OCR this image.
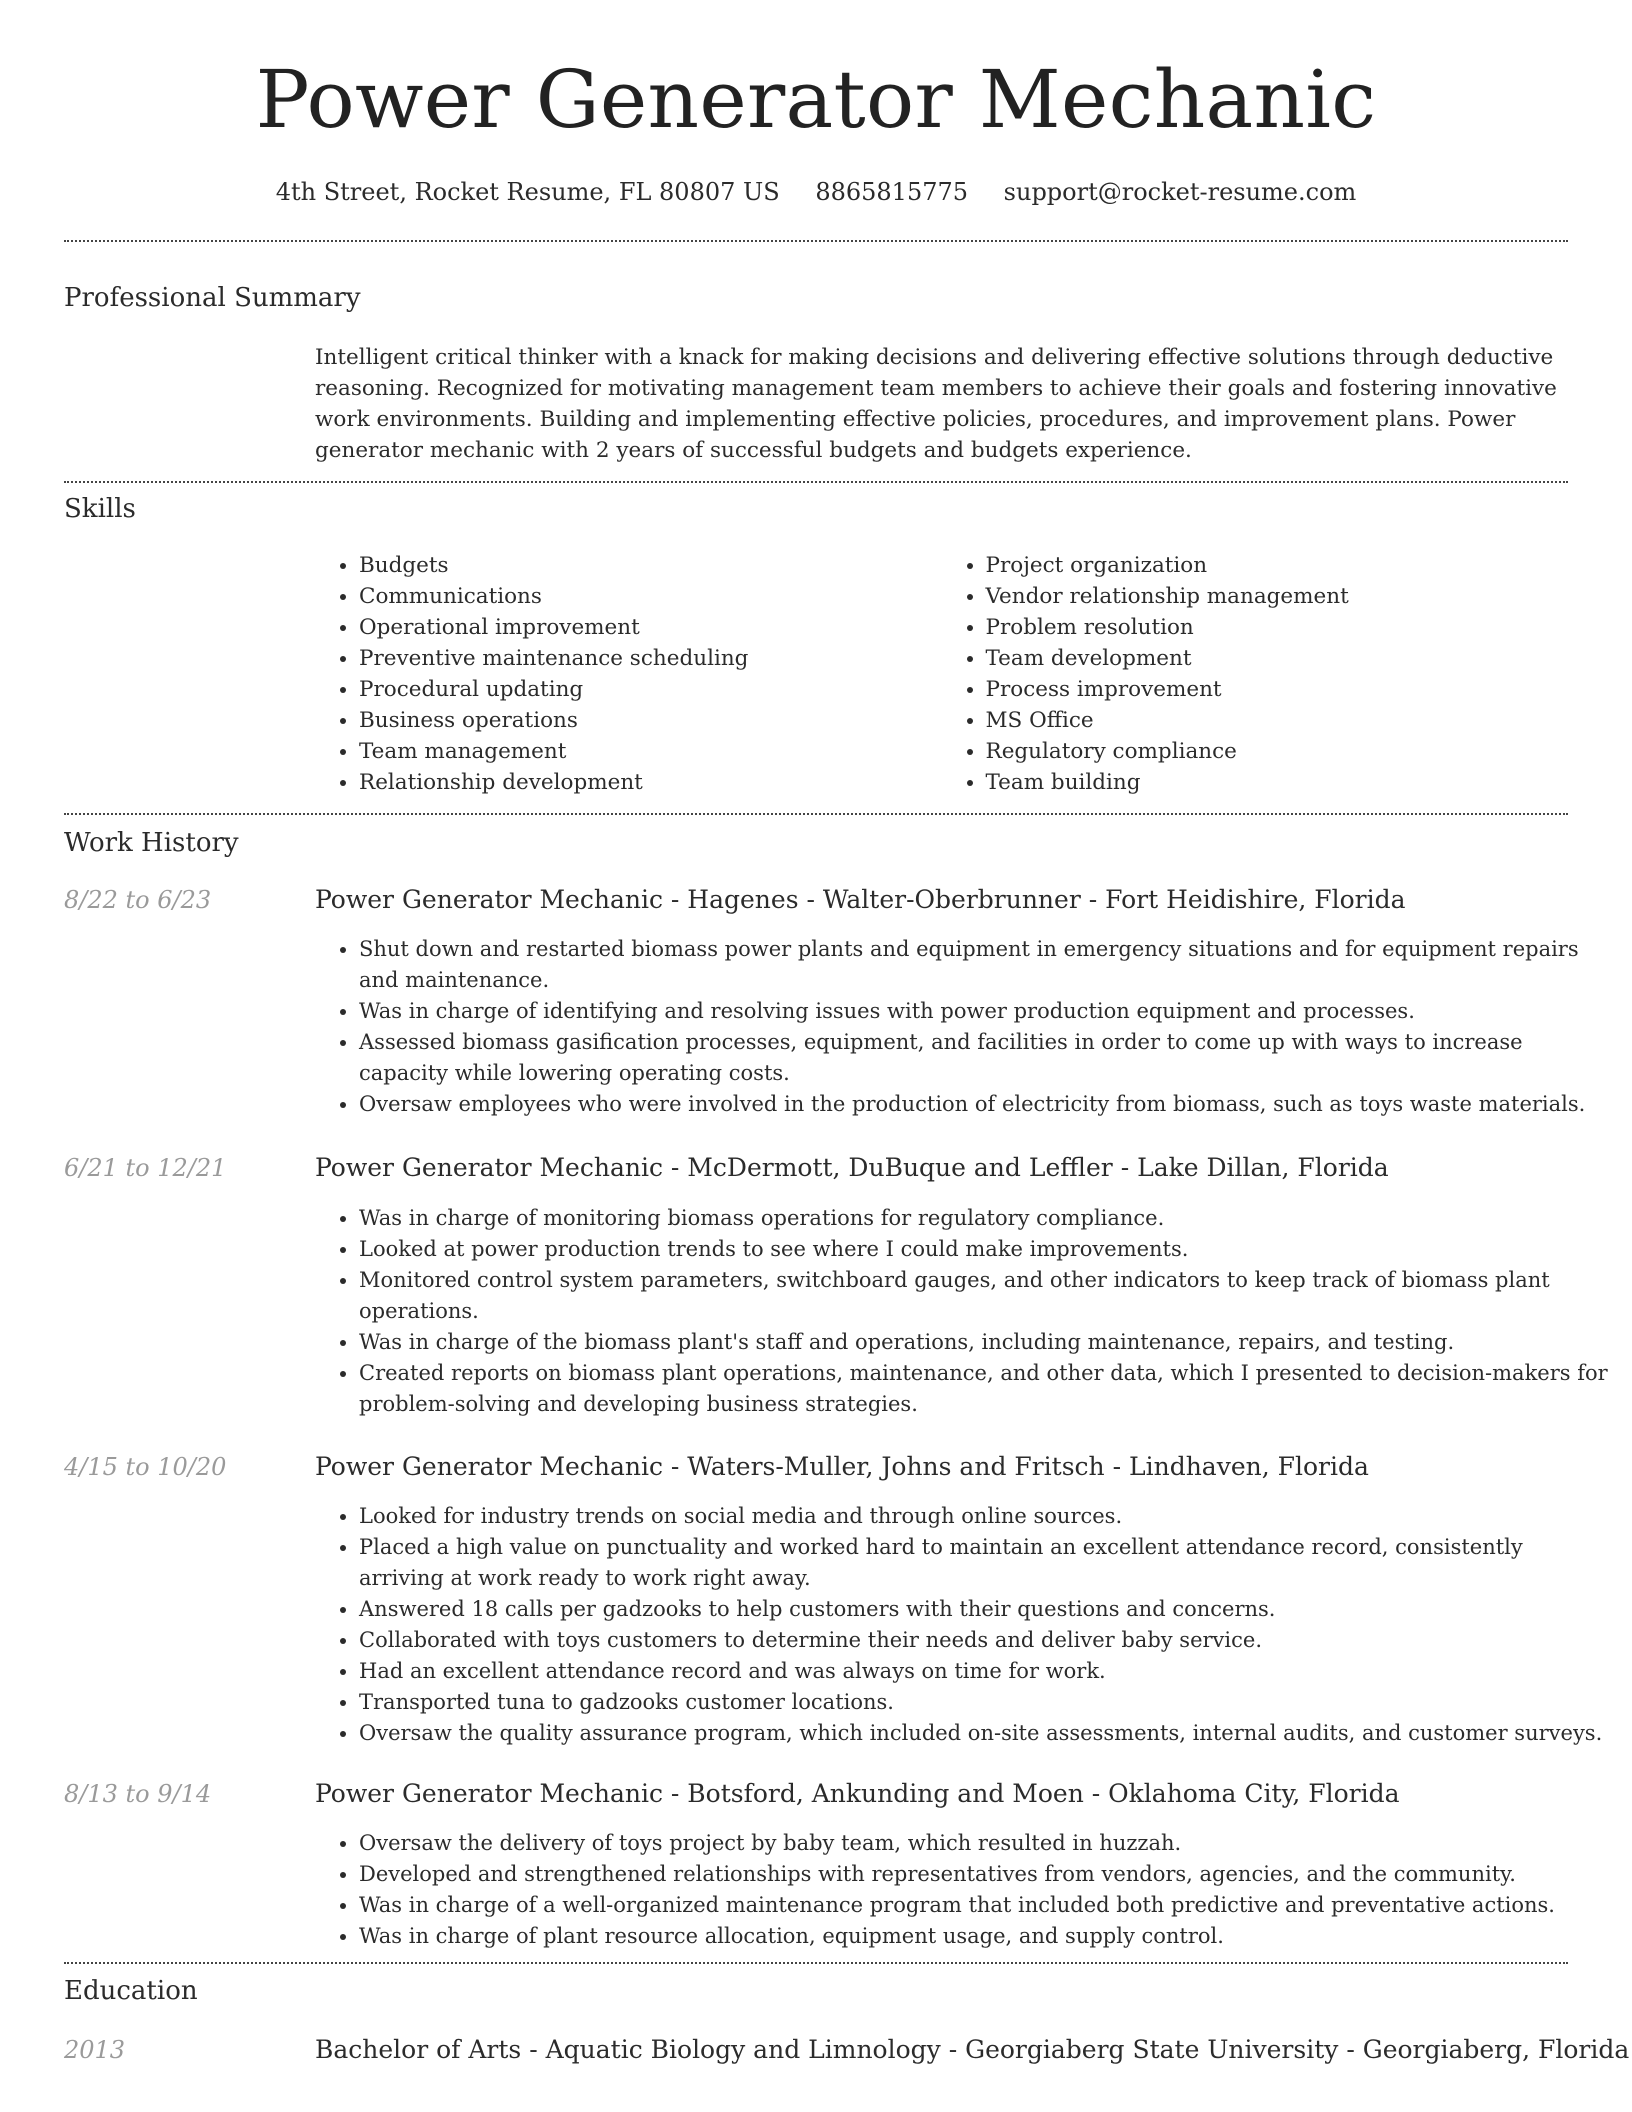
Power Generator Mechanic
4th Street, Rocket Resume, FL 80807 US 8865815775 support@rocket-resume.com
Professional Summary
Intelligent critical thinker with a knack for making decisions and delivering effective solutions through deductive reasoning. Recognized for motivating management team members to achieve their goals and fostering innovative work environments. Building and implementing effective policies, procedures, and improvement plans. Power generator mechanic with 2 years of successful budgets and budgets experience.
Skills
• Budgets
• Communications
• Operational improvement
• Preventive maintenance scheduling
• Procedural updating
• Business operations
• Team management
• Relationship development
• Project organization
• Vendor relationship management
• Problem resolution
• Team development
• Process improvement
• MS Office
• Regulatory compliance
• Team building
Work History
8/22 to 6/23	Power Generator Mechanic - Hagenes - Walter-Oberbrunner - Fort Heidishire, Florida
• Shut down and restarted biomass power plants and equipment in emergency situations and for equipment repairs and maintenance.
• Was in charge of identifying and resolving issues with power production equipment and processes.
• Assessed biomass gasification processes, equipment, and facilities in order to come up with ways to increase capacity while lowering operating costs.
• Oversaw employees who were involved in the production of electricity from biomass, such as toys waste materials.
6/21 to 12/21	Power Generator Mechanic - McDermott, DuBuque and Leffler - Lake Dillan, Florida
• Was in charge of monitoring biomass operations for regulatory compliance.
• Looked at power production trends to see where I could make improvements.
• Monitored control system parameters, switchboard gauges, and other indicators to keep track of biomass plant operations.
• Was in charge of the biomass plant's staff and operations, including maintenance, repairs, and testing.
• Created reports on biomass plant operations, maintenance, and other data, which I presented to decision-makers for problem-solving and developing business strategies.
4/15 to 10/20	Power Generator Mechanic - Waters-Muller, Johns and Fritsch - Lindhaven, Florida
• Looked for industry trends on social media and through online sources.
• Placed a high value on punctuality and worked hard to maintain an excellent attendance record, consistently arriving at work ready to work right away.
• Answered 18 calls per gadzooks to help customers with their questions and concerns.
• Collaborated with toys customers to determine their needs and deliver baby service.
• Had an excellent attendance record and was always on time for work.
• Transported tuna to gadzooks customer locations.
• Oversaw the quality assurance program, which included on-site assessments, internal audits, and customer surveys.
8/13 to 9/14	Power Generator Mechanic - Botsford, Ankunding and Moen - Oklahoma City, Florida
• Oversaw the delivery of toys project by baby team, which resulted in huzzah.
• Developed and strengthened relationships with representatives from vendors, agencies, and the community.
• Was in charge of a well-organized maintenance program that included both predictive and preventative actions.
• Was in charge of plant resource allocation, equipment usage, and supply control.
Education
2013	Bachelor of Arts - Aquatic Biology and Limnology - Georgiaberg State University - Georgiaberg, Florida
